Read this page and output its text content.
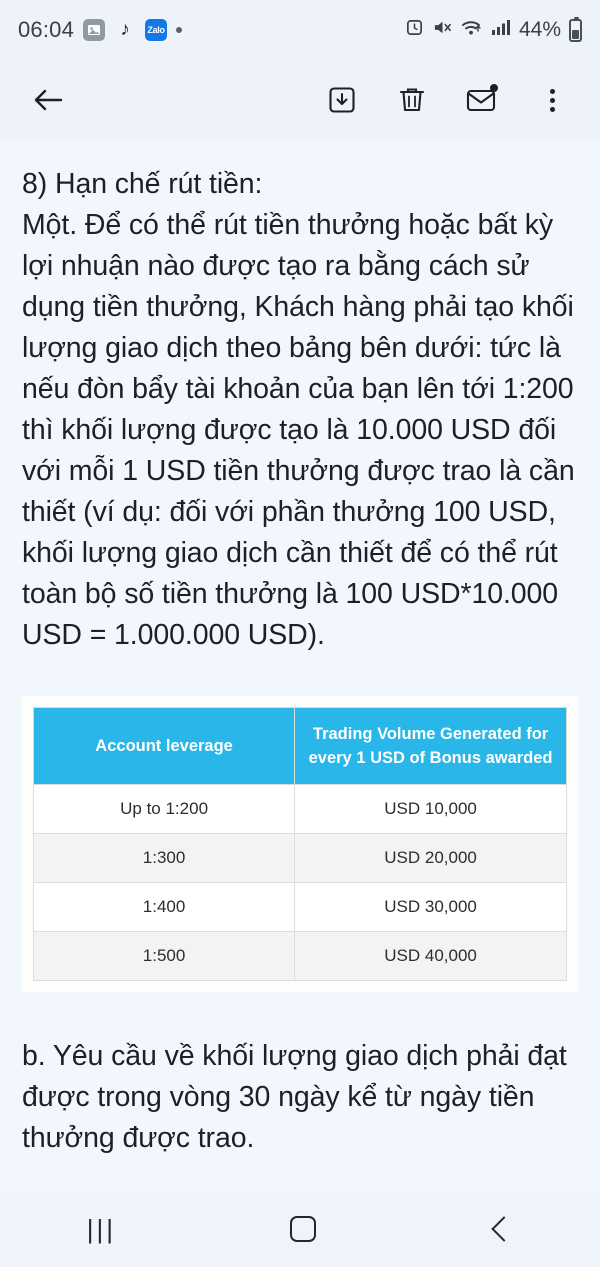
06:04	♪	Zalo	44%
8) Hạn chế rút tiền:
Một. Để có thể rút tiền thưởng hoặc bất kỳ lợi nhuận nào được tạo ra bằng cách sử dụng tiền thưởng, Khách hàng phải tạo khối lượng giao dịch theo bảng bên dưới: tức là nếu đòn bẩy tài khoản của bạn lên tới 1:200 thì khối lượng được tạo là 10.000 USD đối với mỗi 1 USD tiền thưởng được trao là cần thiết (ví dụ: đối với phần thưởng 100 USD, khối lượng giao dịch cần thiết để có thể rút toàn bộ số tiền thưởng là 100 USD*10.000 USD = 1.000.000 USD).
Account leverage	Trading Volume Generated for every 1 USD of Bonus awarded
Up to 1:200	USD 10,000
1:300	USD 20,000
1:400	USD 30,000
1:500	USD 40,000
b. Yêu cầu về khối lượng giao dịch phải đạt được trong vòng 30 ngày kể từ ngày tiền thưởng được trao.
|||
